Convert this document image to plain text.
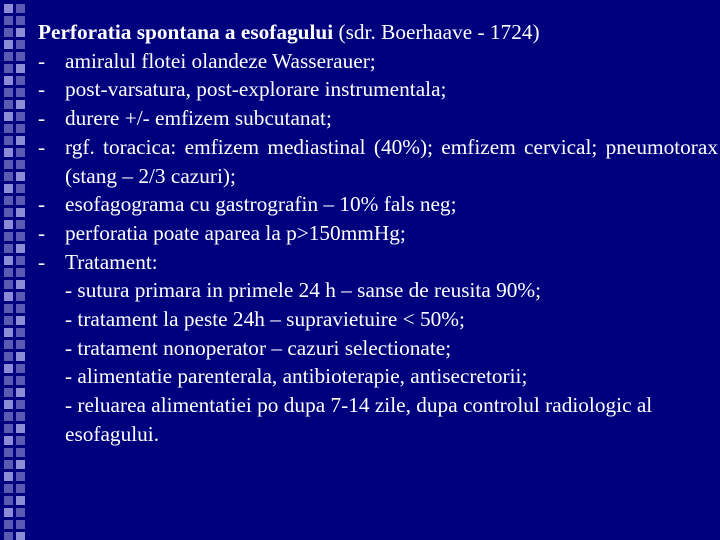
Perforatia spontana a esofagului (sdr. Boerhaave - 1724)
- amiralul flotei olandeze Wasserauer;
- post-varsatura, post-explorare instrumentala;
- durere +/- emfizem subcutanat;
- rgf. toracica: emfizem mediastinal (40%); emfizem cervical; pneumotorax (stang – 2/3 cazuri);
- esofagograma cu gastrografin – 10% fals neg;
- perforatia poate aparea la p>150mmHg;
- Tratament:
- sutura primara in primele 24 h – sanse de reusita 90%;
- tratament la peste 24h – supravietuire < 50%;
- tratament nonoperator – cazuri selectionate;
- alimentatie parenterala, antibioterapie, antisecretorii;
- reluarea alimentatiei po dupa 7-14 zile, dupa controlul radiologic al esofagului.
